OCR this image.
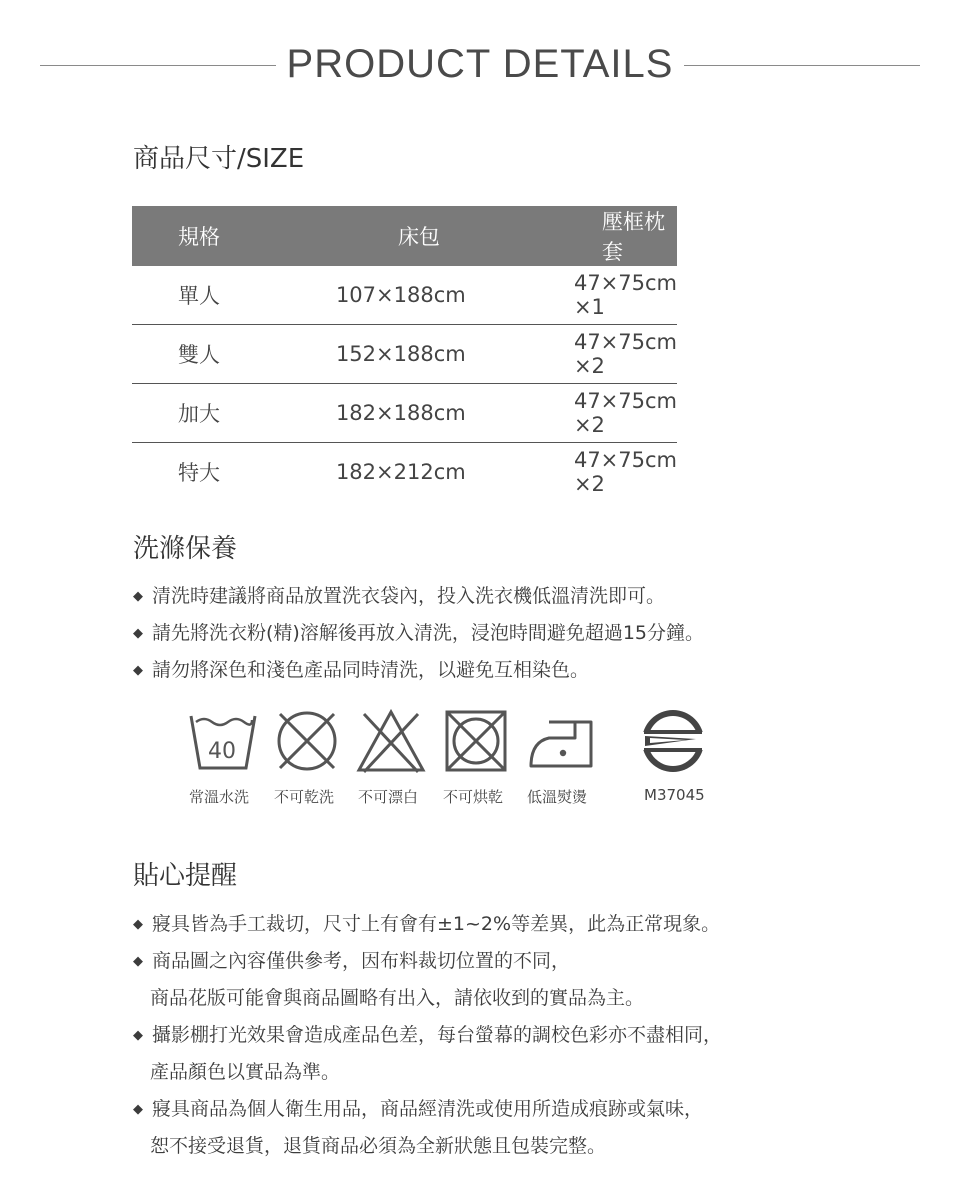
PRODUCT DETAILS
商品尺寸/SIZE
規格	床包	壓框枕套
單人	107×188cm	47×75cm ×1
雙人	152×188cm	47×75cm ×2
加大	182×188cm	47×75cm ×2
特大	182×212cm	47×75cm ×2
洗滌保養
◆ 清洗時建議將商品放置洗衣袋內，投入洗衣機低溫清洗即可。
◆ 請先將洗衣粉(精)溶解後再放入清洗，浸泡時間避免超過15分鐘。
◆ 請勿將深色和淺色產品同時清洗，以避免互相染色。
40
常溫水洗 不可乾洗 不可漂白 不可烘乾 低溫熨燙	M37045
貼心提醒
◆ 寢具皆為手工裁切，尺寸上有會有±1~2%等差異，此為正常現象。
◆ 商品圖之內容僅供參考，因布料裁切位置的不同，
商品花版可能會與商品圖略有出入，請依收到的實品為主。
◆ 攝影棚打光效果會造成產品色差，每台螢幕的調校色彩亦不盡相同，
產品顏色以實品為準。
◆ 寢具商品為個人衛生用品，商品經清洗或使用所造成痕跡或氣味，
恕不接受退貨，退貨商品必須為全新狀態且包裝完整。
